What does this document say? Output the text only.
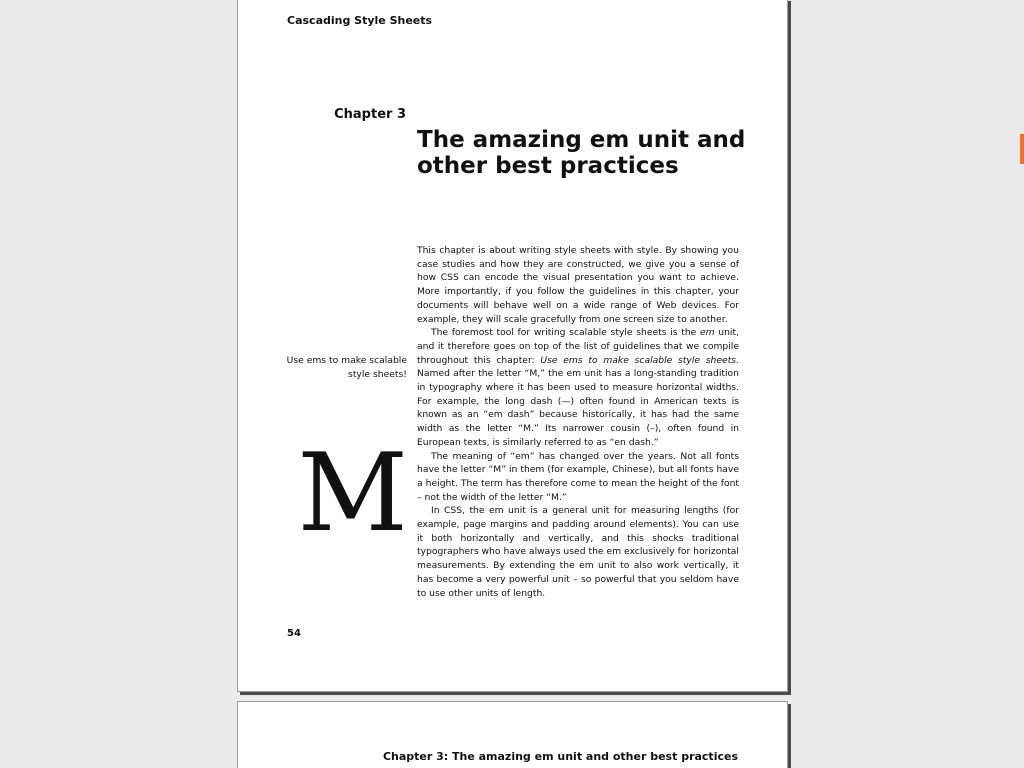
Cascading Style Sheets
Chapter 3
The amazing em unit and other best practices
Use ems to make scalable style sheets!
M

This chapter is about writing style sheets with style. By showing you case studies and how they are constructed, we give you a sense of how CSS can encode the visual presentation you want to achieve. More importantly, if you follow the guidelines in this chapter, your documents will behave well on a wide range of Web devices. For example, they will scale gracefully from one screen size to another.

The foremost tool for writing scalable style sheets is the em unit, and it therefore goes on top of the list of guidelines that we compile throughout this chapter: Use ems to make scalable style sheets. Named after the letter “M,” the em unit has a long-standing tradition in typography where it has been used to measure horizontal widths. For example, the long dash (—) often found in American texts is known as an “em dash” because historically, it has had the same width as the letter “M.” Its narrower cousin (–), often found in European texts, is similarly referred to as “en dash.”

The meaning of “em” has changed over the years. Not all fonts have the letter “M” in them (for example, Chinese), but all fonts have a height. The term has therefore come to mean the height of the font – not the width of the letter “M.”

In CSS, the em unit is a general unit for measuring lengths (for example, page margins and padding around elements). You can use it both horizontally and vertically, and this shocks traditional typographers who have always used the em exclusively for horizontal measurements. By extending the em unit to also work vertically, it has become a very powerful unit – so powerful that you seldom have to use other units of length.

54
Chapter 3: The amazing em unit and other best practices
